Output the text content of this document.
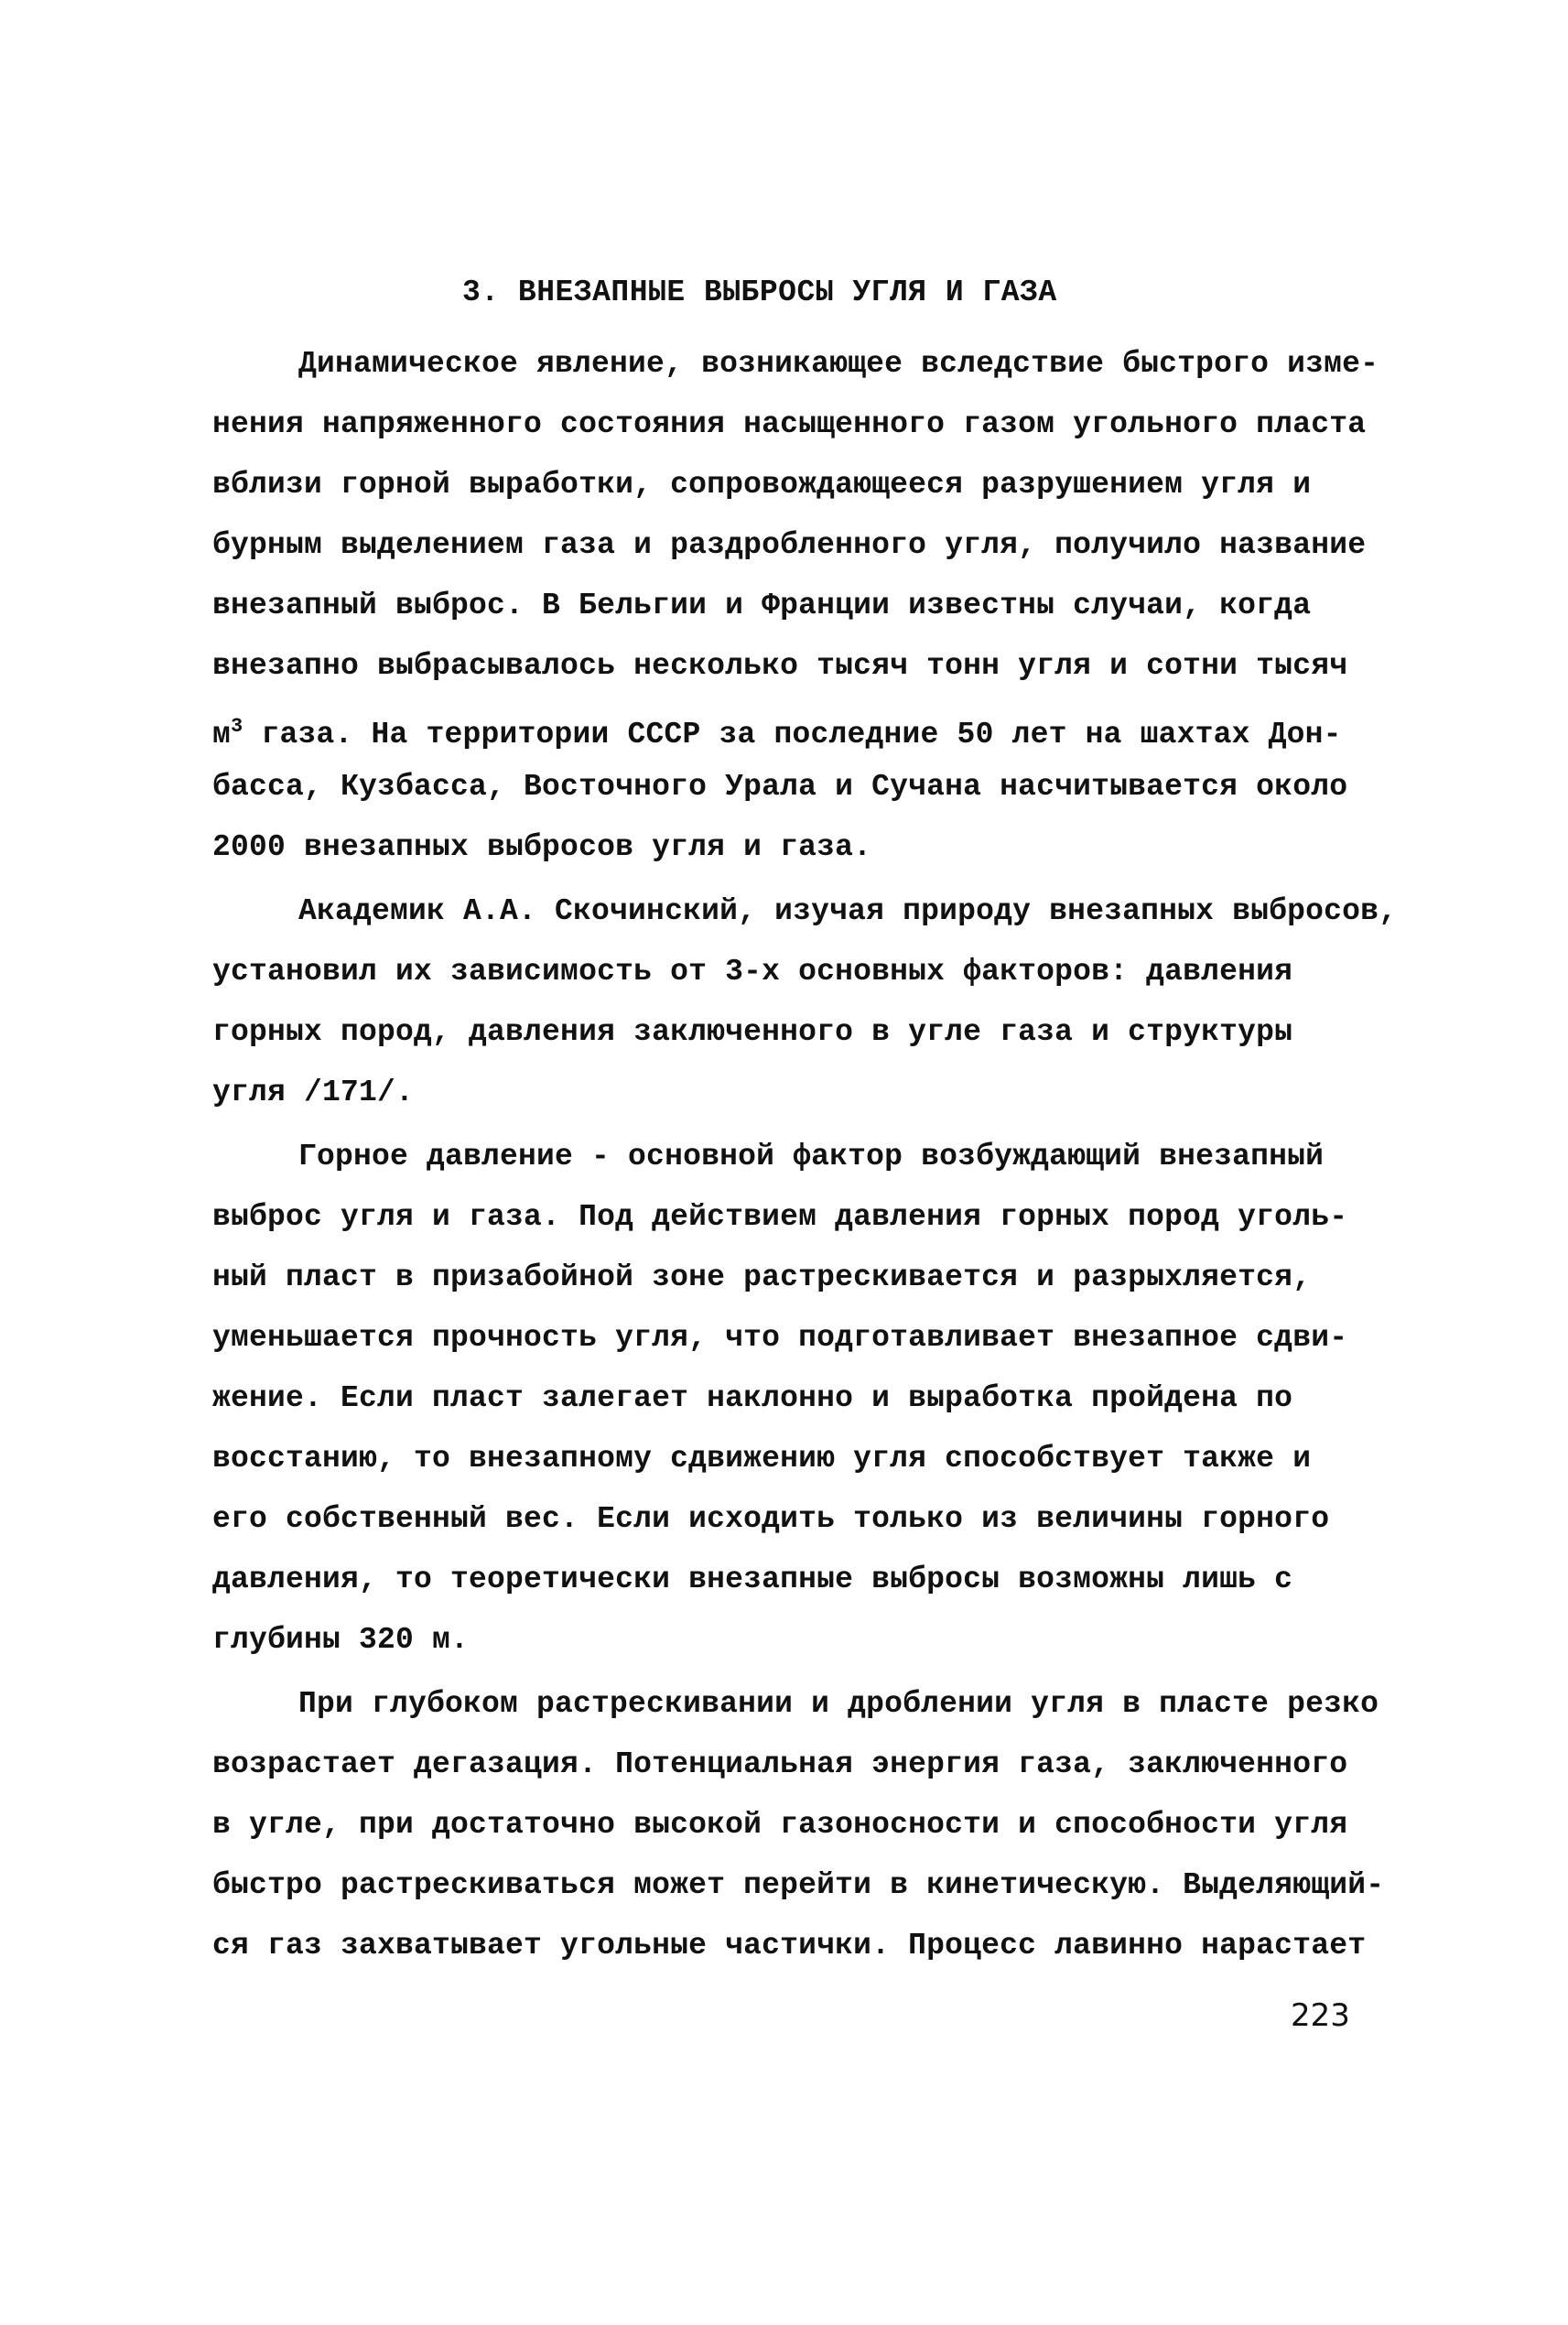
3. ВНЕЗАПНЫЕ ВЫБРОСЫ УГЛЯ И ГАЗА
Динамическое явление, возникающее вследствие быстрого изме-
нения напряженного состояния насыщенного газом угольного пласта
вблизи горной выработки, сопровождающееся разрушением угля и
бурным выделением газа и раздробленного угля, получило название
внезапный выброс. В Бельгии и Франции известны случаи, когда
внезапно выбрасывалось несколько тысяч тонн угля и сотни тысяч
$м^3$ газа. На территории СССР за последние 50 лет на шахтах Дон-
басса, Кузбасса, Восточного Урала и Сучана насчитывается около
2000 внезапных выбросов угля и газа.
Академик А.А. Скочинский, изучая природу внезапных выбросов,
установил их зависимость от 3-х основных факторов: давления
горных пород, давления заключенного в угле газа и структуры
угля /171/.
Горное давление - основной фактор возбуждающий внезапный
выброс угля и газа. Под действием давления горных пород уголь-
ный пласт в призабойной зоне растрескивается и разрыхляется,
уменьшается прочность угля, что подготавливает внезапное сдви-
жение. Если пласт залегает наклонно и выработка пройдена по
восстанию, то внезапному сдвижению угля способствует также и
его собственный вес. Если исходить только из величины горного
давления, то теоретически внезапные выбросы возможны лишь с
глубины 320 м.
При глубоком растрескивании и дроблении угля в пласте резко
возрастает дегазация. Потенциальная энергия газа, заключенного
в угле, при достаточно высокой газоносности и способности угля
быстро растрескиваться может перейти в кинетическую. Выделяющий-
ся газ захватывает угольные частички. Процесс лавинно нарастает
223
